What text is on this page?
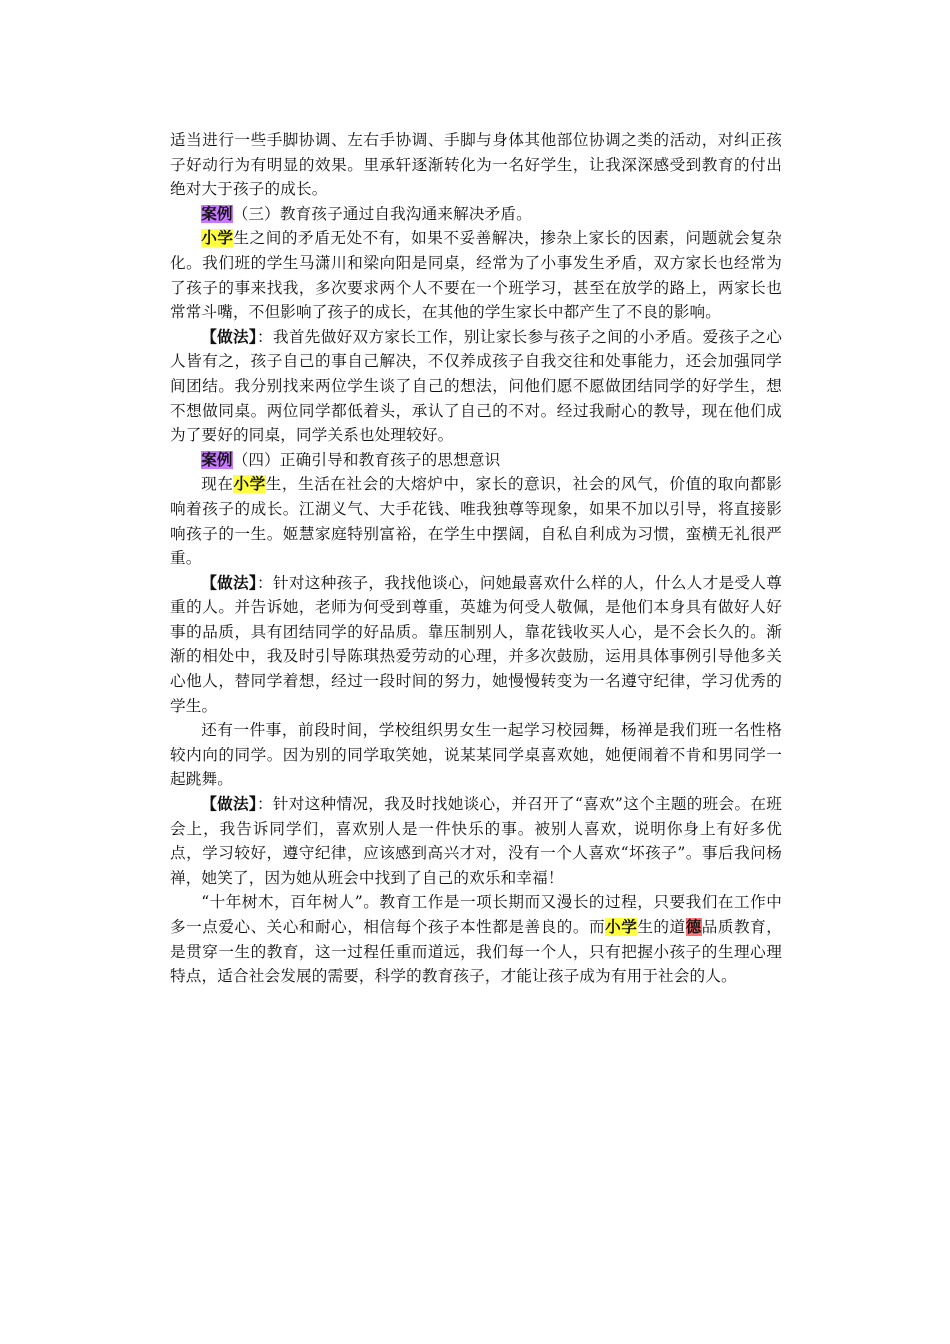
适当进行一些手脚协调、左右手协调、手脚与身体其他部位协调之类的活动，对纠正孩子好动行为有明显的效果。里承轩逐渐转化为一名好学生，让我深深感受到教育的付出绝对大于孩子的成长。

案例（三）教育孩子通过自我沟通来解决矛盾。

小学生之间的矛盾无处不有，如果不妥善解决，掺杂上家长的因素，问题就会复杂化。我们班的学生马潇川和梁向阳是同桌，经常为了小事发生矛盾，双方家长也经常为了孩子的事来找我，多次要求两个人不要在一个班学习，甚至在放学的路上，两家长也常常斗嘴，不但影响了孩子的成长，在其他的学生家长中都产生了不良的影响。

【做法】：我首先做好双方家长工作，别让家长参与孩子之间的小矛盾。爱孩子之心人皆有之，孩子自己的事自己解决，不仅养成孩子自我交往和处事能力，还会加强同学间团结。我分别找来两位学生谈了自己的想法，问他们愿不愿做团结同学的好学生，想不想做同桌。两位同学都低着头，承认了自己的不对。经过我耐心的教导，现在他们成为了要好的同桌，同学关系也处理较好。

案例（四）正确引导和教育孩子的思想意识

现在小学生，生活在社会的大熔炉中，家长的意识，社会的风气，价值的取向都影响着孩子的成长。江湖义气、大手花钱、唯我独尊等现象，如果不加以引导，将直接影响孩子的一生。姬慧家庭特别富裕，在学生中摆阔，自私自利成为习惯，蛮横无礼很严重。

【做法】：针对这种孩子，我找他谈心，问她最喜欢什么样的人，什么人才是受人尊重的人。并告诉她，老师为何受到尊重，英雄为何受人敬佩，是他们本身具有做好人好事的品质，具有团结同学的好品质。靠压制别人，靠花钱收买人心，是不会长久的。渐渐的相处中，我及时引导陈琪热爱劳动的心理，并多次鼓励，运用具体事例引导他多关心他人，替同学着想，经过一段时间的努力，她慢慢转变为一名遵守纪律，学习优秀的学生。

还有一件事，前段时间，学校组织男女生一起学习校园舞，杨禅是我们班一名性格较内向的同学。因为别的同学取笑她，说某某同学桌喜欢她，她便闹着不肯和男同学一起跳舞。

【做法】：针对这种情况，我及时找她谈心，并召开了“喜欢”这个主题的班会。在班会上，我告诉同学们，喜欢别人是一件快乐的事。被别人喜欢，说明你身上有好多优点，学习较好，遵守纪律，应该感到高兴才对，没有一个人喜欢“坏孩子”。事后我问杨禅，她笑了，因为她从班会中找到了自己的欢乐和幸福！

“十年树木，百年树人”。教育工作是一项长期而又漫长的过程，只要我们在工作中多一点爱心、关心和耐心，相信每个孩子本性都是善良的。而小学生的道德品质教育，是贯穿一生的教育，这一过程任重而道远，我们每一个人，只有把握小孩子的生理心理特点，适合社会发展的需要，科学的教育孩子，才能让孩子成为有用于社会的人。
